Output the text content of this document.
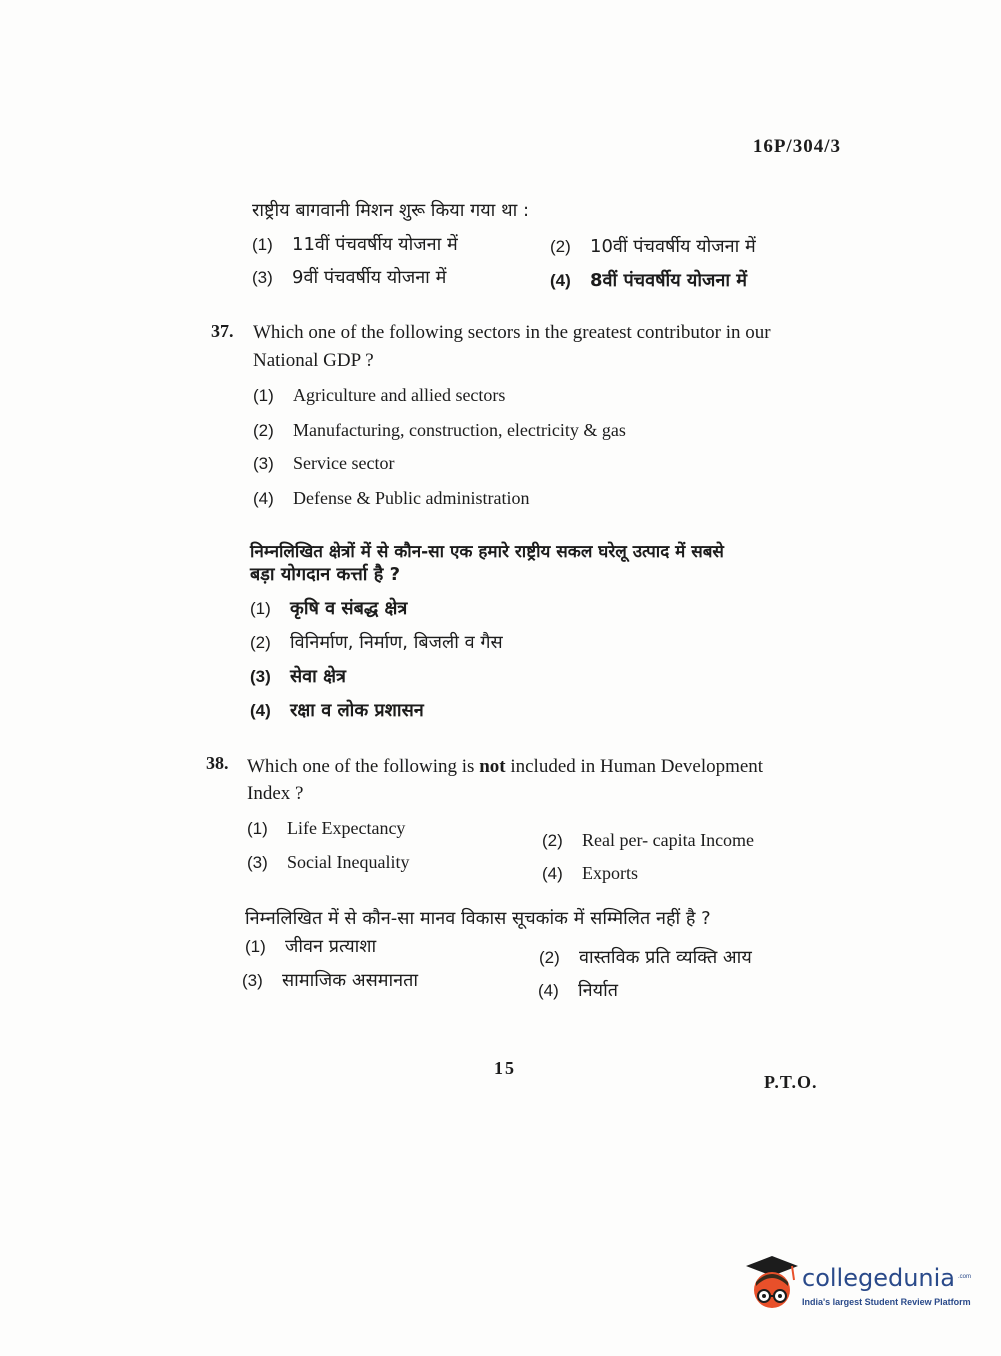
16P/304/3
राष्ट्रीय बागवानी मिशन शुरू किया गया था :
(1) 11वीं पंचवर्षीय योजना में	(2) 10वीं पंचवर्षीय योजना में
(3) 9वीं पंचवर्षीय योजना में	(4) 8वीं पंचवर्षीय योजना में
37. Which one of the following sectors in the greatest contributor in our
National GDP ?
(1) Agriculture and allied sectors
(2) Manufacturing, construction, electricity & gas
(3) Service sector
(4) Defense & Public administration
निम्नलिखित क्षेत्रों में से कौन-सा एक हमारे राष्ट्रीय सकल घरेलू उत्पाद में सबसे
बड़ा योगदान कर्त्ता है ?
(1) कृषि व संबद्ध क्षेत्र
(2) विनिर्माण, निर्माण, बिजली व गैस
(3) सेवा क्षेत्र
(4) रक्षा व लोक प्रशासन
38. Which one of the following is not included in Human Development
Index ?
(1) Life Expectancy
(2) Real per- capita Income
(3) Social Inequality
(4) Exports
निम्नलिखित में से कौन-सा मानव विकास सूचकांक में सम्मिलित नहीं है ?
(1) जीवन प्रत्याशा
(2) वास्तविक प्रति व्यक्ति आय
(3) सामाजिक असमानता	(4) निर्यात
15
P.T.O.
collegedunia .com
India's largest Student Review Platform
